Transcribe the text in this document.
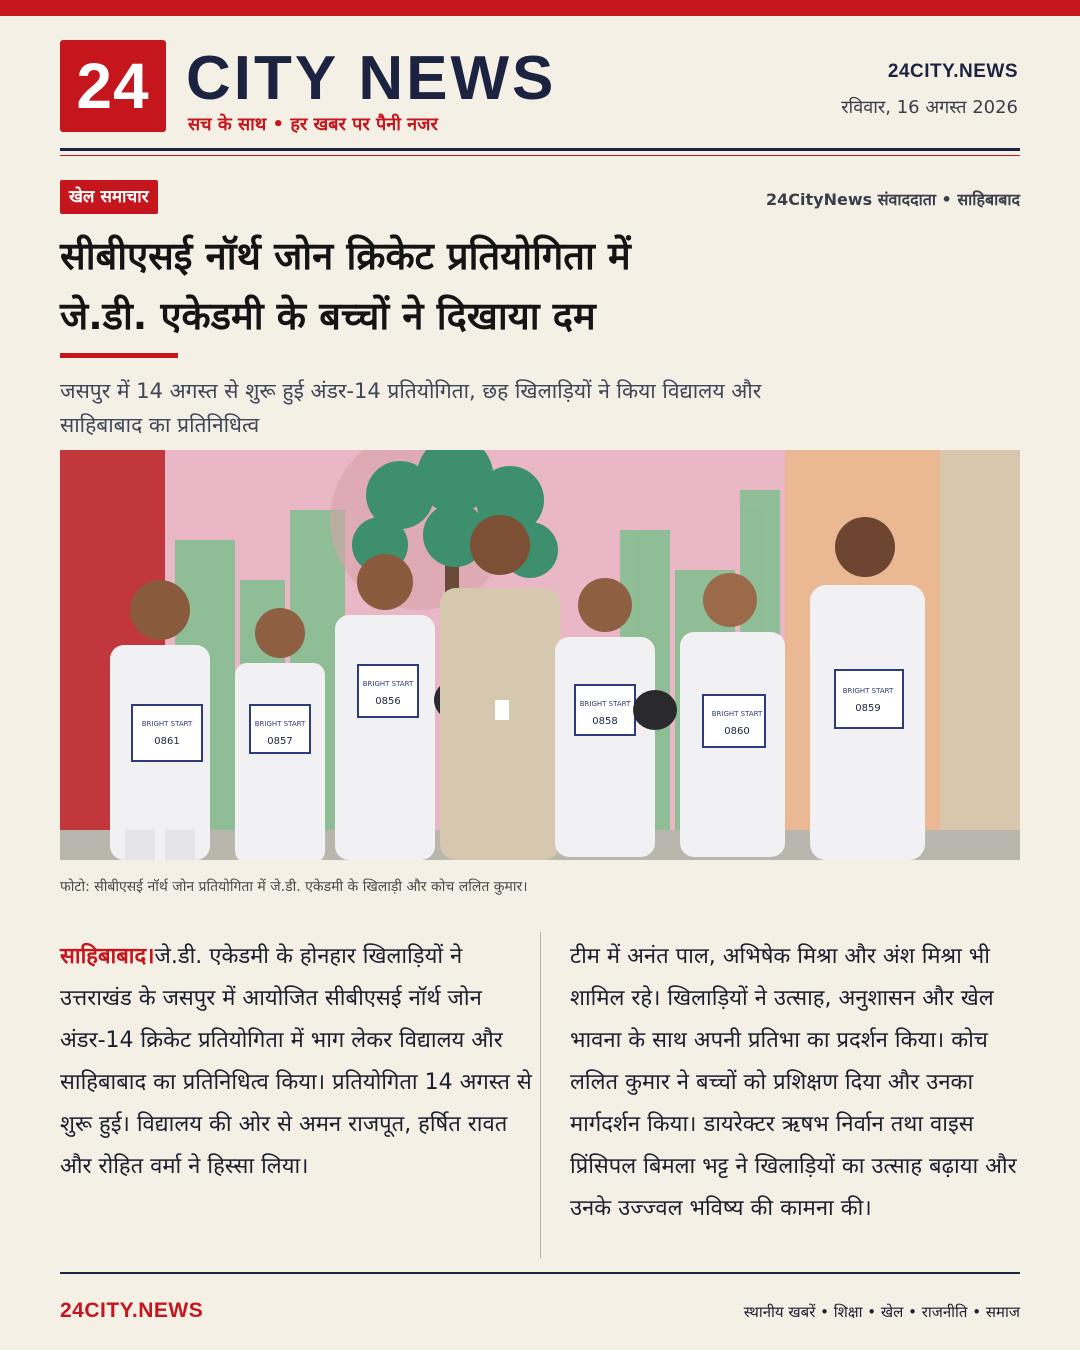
24 CITY NEWS
सच के साथ • हर खबर पर पैनी नजर
24CITY.NEWS
रविवार, 16 अगस्त 2026
खेल समाचार	24CityNews संवाददाता • साहिबाबाद
सीबीएसई नॉर्थ जोन क्रिकेट प्रतियोगिता में
जे.डी. एकेडमी के बच्चों ने दिखाया दम

जसपुर में 14 अगस्त से शुरू हुई अंडर-14 प्रतियोगिता, छह खिलाड़ियों ने किया विद्यालय और साहिबाबाद का प्रतिनिधित्व

BRIGHT START
0861
BRIGHT START
0857
BRIGHT START
0856	BRIGHT START
0858
BRIGHT START
0860
BRIGHT START
0859
फोटो: सीबीएसई नॉर्थ जोन प्रतियोगिता में जे.डी. एकेडमी के खिलाड़ी और कोच ललित कुमार।
साहिबाबाद।जे.डी. एकेडमी के होनहार खिलाड़ियों ने उत्तराखंड के जसपुर में आयोजित सीबीएसई नॉर्थ जोन अंडर-14 क्रिकेट प्रतियोगिता में भाग लेकर विद्यालय और साहिबाबाद का प्रतिनिधित्व किया। प्रतियोगिता 14 अगस्त से शुरू हुई। विद्यालय की ओर से अमन राजपूत, हर्षित रावत और रोहित वर्मा ने हिस्सा लिया।
टीम में अनंत पाल, अभिषेक मिश्रा और अंश मिश्रा भी शामिल रहे। खिलाड़ियों ने उत्साह, अनुशासन और खेल भावना के साथ अपनी प्रतिभा का प्रदर्शन किया। कोच ललित कुमार ने बच्चों को प्रशिक्षण दिया और उनका मार्गदर्शन किया। डायरेक्टर ऋषभ निर्वान तथा वाइस प्रिंसिपल बिमला भट्ट ने खिलाड़ियों का उत्साह बढ़ाया और उनके उज्ज्वल भविष्य की कामना की।
24CITY.NEWS	स्थानीय खबरें • शिक्षा • खेल • राजनीति • समाज
